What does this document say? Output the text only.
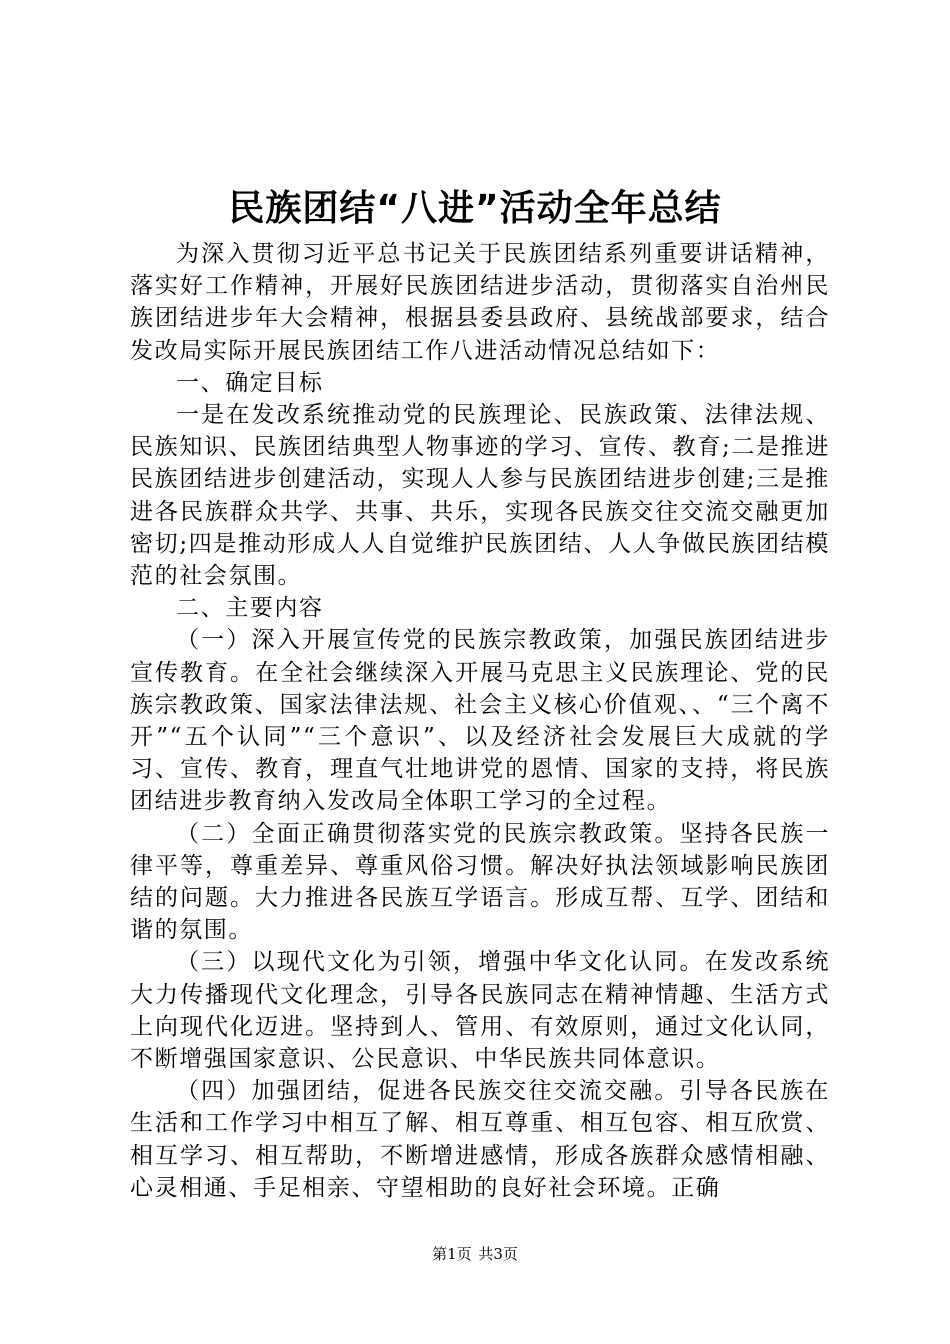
民族团结“八进”活动全年总结

为深入贯彻习近平总书记关于民族团结系列重要讲话精神，落实好工作精神，开展好民族团结进步活动，贯彻落实自治州民族团结进步年大会精神，根据县委县政府、县统战部要求，结合发改局实际开展民族团结工作八进活动情况总结如下：

一、确定目标

一是在发改系统推动党的民族理论、民族政策、法律法规、民族知识、民族团结典型人物事迹的学习、宣传、教育;二是推进民族团结进步创建活动，实现人人参与民族团结进步创建;三是推进各民族群众共学、共事、共乐，实现各民族交往交流交融更加密切;四是推动形成人人自觉维护民族团结、人人争做民族团结模范的社会氛围。

二、主要内容

（一）深入开展宣传党的民族宗教政策，加强民族团结进步宣传教育。在全社会继续深入开展马克思主义民族理论、党的民族宗教政策、国家法律法规、社会主义核心价值观、、“三个离不开”“五个认同”“三个意识”、以及经济社会发展巨大成就的学习、宣传、教育，理直气壮地讲党的恩情、国家的支持，将民族团结进步教育纳入发改局全体职工学习的全过程。

（二）全面正确贯彻落实党的民族宗教政策。坚持各民族一律平等，尊重差异、尊重风俗习惯。解决好执法领域影响民族团结的问题。大力推进各民族互学语言。形成互帮、互学、团结和谐的氛围。

（三）以现代文化为引领，增强中华文化认同。在发改系统大力传播现代文化理念，引导各民族同志在精神情趣、生活方式上向现代化迈进。坚持到人、管用、有效原则，通过文化认同，不断增强国家意识、公民意识、中华民族共同体意识。

（四）加强团结，促进各民族交往交流交融。引导各民族在生活和工作学习中相互了解、相互尊重、相互包容、相互欣赏、相互学习、相互帮助，不断增进感情，形成各族群众感情相融、心灵相通、手足相亲、守望相助的良好社会环境。正确

第1页 共3页
